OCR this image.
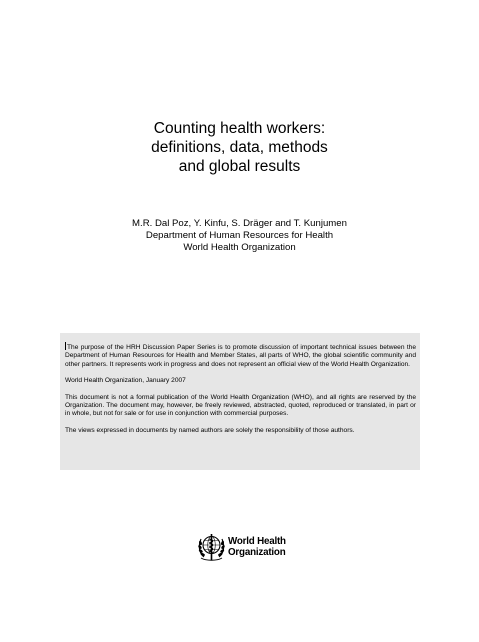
Counting health workers:
definitions, data, methods
and global results
M.R. Dal Poz, Y. Kinfu, S. Dräger and T. Kunjumen
Department of Human Resources for Health
World Health Organization

The purpose of the HRH Discussion Paper Series is to promote discussion of important technical issues between the Department of Human Resources for Health and Member States, all parts of WHO, the global scientific community and other partners. It represents work in progress and does not represent an official view of the World Health Organization.

World Health Organization, January 2007

This document is not a formal publication of the World Health Organization (WHO), and all rights are reserved by the Organization. The document may, however, be freely reviewed, abstracted, quoted, reproduced or translated, in part or in whole, but not for sale or for use in conjunction with commercial purposes.

The views expressed in documents by named authors are solely the responsibility of those authors.

World Health
Organization
